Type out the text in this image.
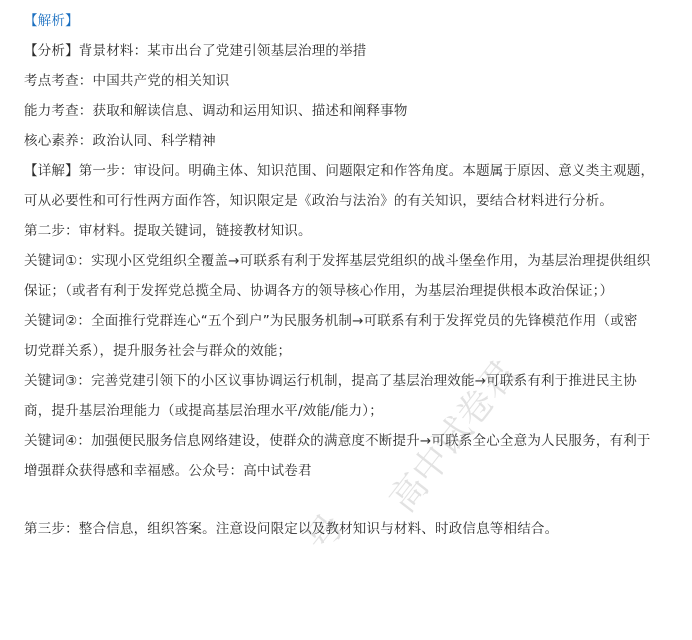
【解析】
【分析】背景材料：某市出台了党建引领基层治理的举措
考点考查：中国共产党的相关知识
能力考查：获取和解读信息、调动和运用知识、描述和阐释事物
核心素养：政治认同、科学精神
【详解】第一步：审设问。明确主体、知识范围、问题限定和作答角度。本题属于原因、意义类主观题，
可从必要性和可行性两方面作答，知识限定是《政治与法治》的有关知识，要结合材料进行分析。
第二步：审材料。提取关键词，链接教材知识。
关键词①：实现小区党组织全覆盖→可联系有利于发挥基层党组织的战斗堡垒作用，为基层治理提供组织
保证；（或者有利于发挥党总揽全局、协调各方的领导核心作用，为基层治理提供根本政治保证；）
关键词②：全面推行党群连心“五个到户”为民服务机制→可联系有利于发挥党员的先锋模范作用（或密
切党群关系），提升服务社会与群众的效能；
关键词③：完善党建引领下的小区议事协调运行机制，提高了基层治理效能→可联系有利于推进民主协
商，提升基层治理能力（或提高基层治理水平/效能/能力）；
关键词④：加强便民服务信息网络建设，使群众的满意度不断提升→可联系全心全意为人民服务，有利于
增强群众获得感和幸福感。公众号：高中试卷君
第三步：整合信息，组织答案。注意设问限定以及教材知识与材料、时政信息等相结合。
高中试卷君
号
